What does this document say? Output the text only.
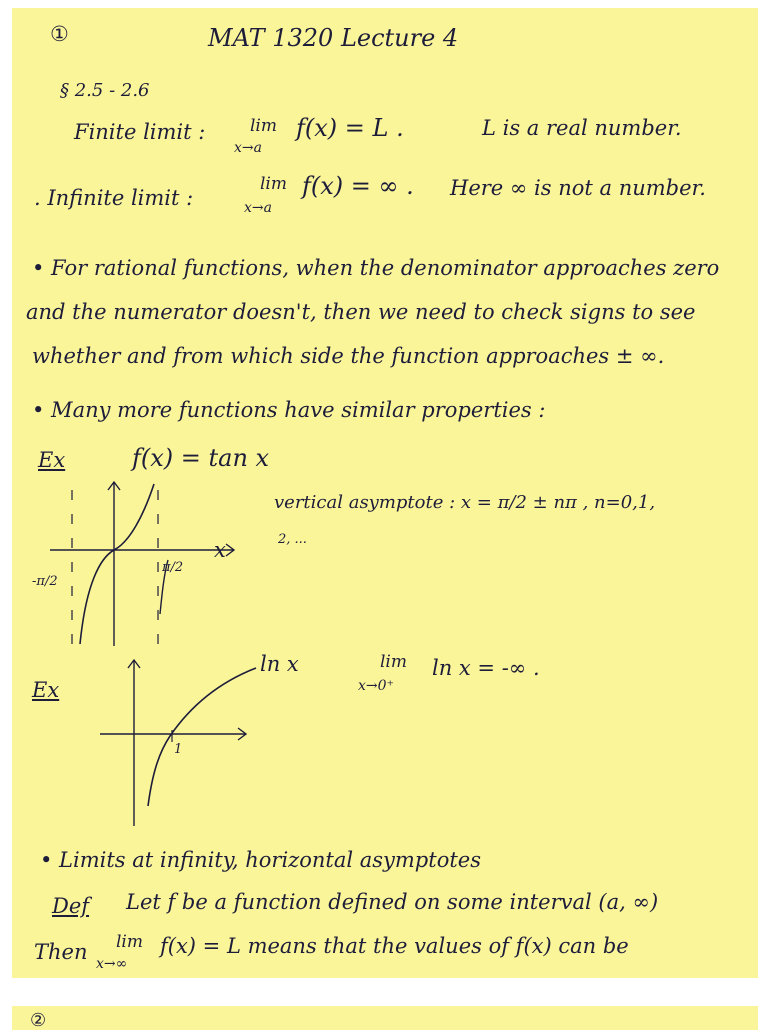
①	MAT 1320 Lecture 4
§ 2.5 - 2.6
Finite limit :	lim
x→a
f(x) = L .	L is a real number.
. Infinite limit :
lim
x→a
f(x) = ∞ . Here ∞ is not a number.
• For rational functions, when the denominator approaches zero
and the numerator doesn't, then we need to check signs to see
whether and from which side the function approaches ± ∞.
• Many more functions have similar properties :
Ex	f(x) = tan x
vertical asymptote : x = π/2 ± nπ , n=0,1,
2, ...
x
π/2
-π/2
Ex
1
ln x	lim
x→0⁺
ln x = -∞ .
• Limits at infinity, horizontal asymptotes
Def Let f be a function defined on some interval (a, ∞)
Then lim
x→∞
f(x) = L means that the values of f(x) can be
②
